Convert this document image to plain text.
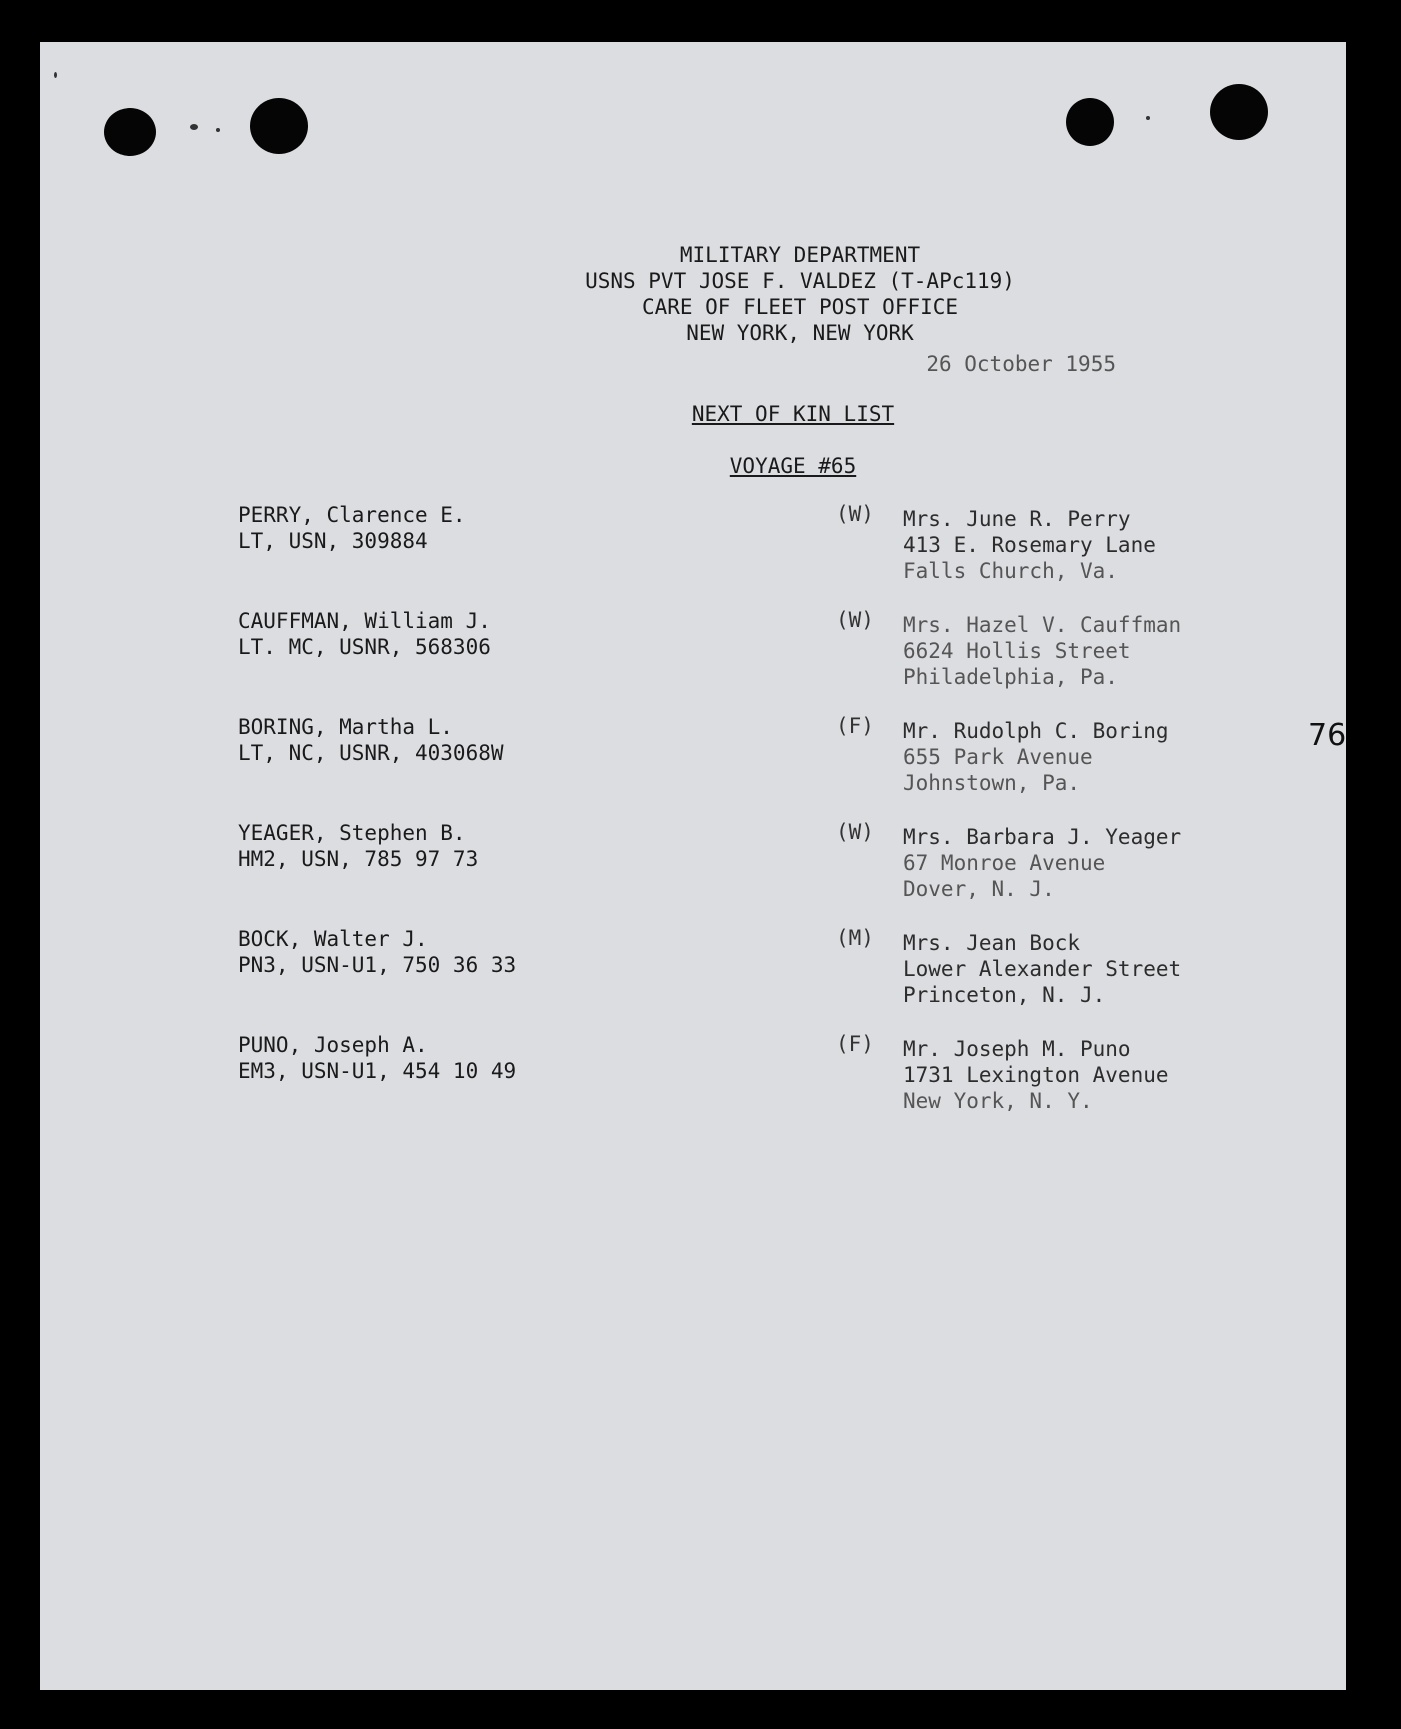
MILITARY DEPARTMENT
USNS PVT JOSE F. VALDEZ (T-APc119)
CARE OF FLEET POST OFFICE
NEW YORK, NEW YORK
26 October 1955
NEXT OF KIN LIST
VOYAGE #65
76
PERRY, Clarence E.
LT, USN, 309884
(W) Mrs. June R. Perry
413 E. Rosemary Lane
Falls Church, Va.
CAUFFMAN, William J.
LT. MC, USNR, 568306
(W) Mrs. Hazel V. Cauffman
6624 Hollis Street
Philadelphia, Pa.
BORING, Martha L.
LT, NC, USNR, 403068W
(F) Mr. Rudolph C. Boring
655 Park Avenue
Johnstown, Pa.
YEAGER, Stephen B.
HM2, USN, 785 97 73
(W) Mrs. Barbara J. Yeager
67 Monroe Avenue
Dover, N. J.
BOCK, Walter J.
PN3, USN-U1, 750 36 33
(M) Mrs. Jean Bock
Lower Alexander Street
Princeton, N. J.
PUNO, Joseph A.
EM3, USN-U1, 454 10 49
(F) Mr. Joseph M. Puno
1731 Lexington Avenue
New York, N. Y.
